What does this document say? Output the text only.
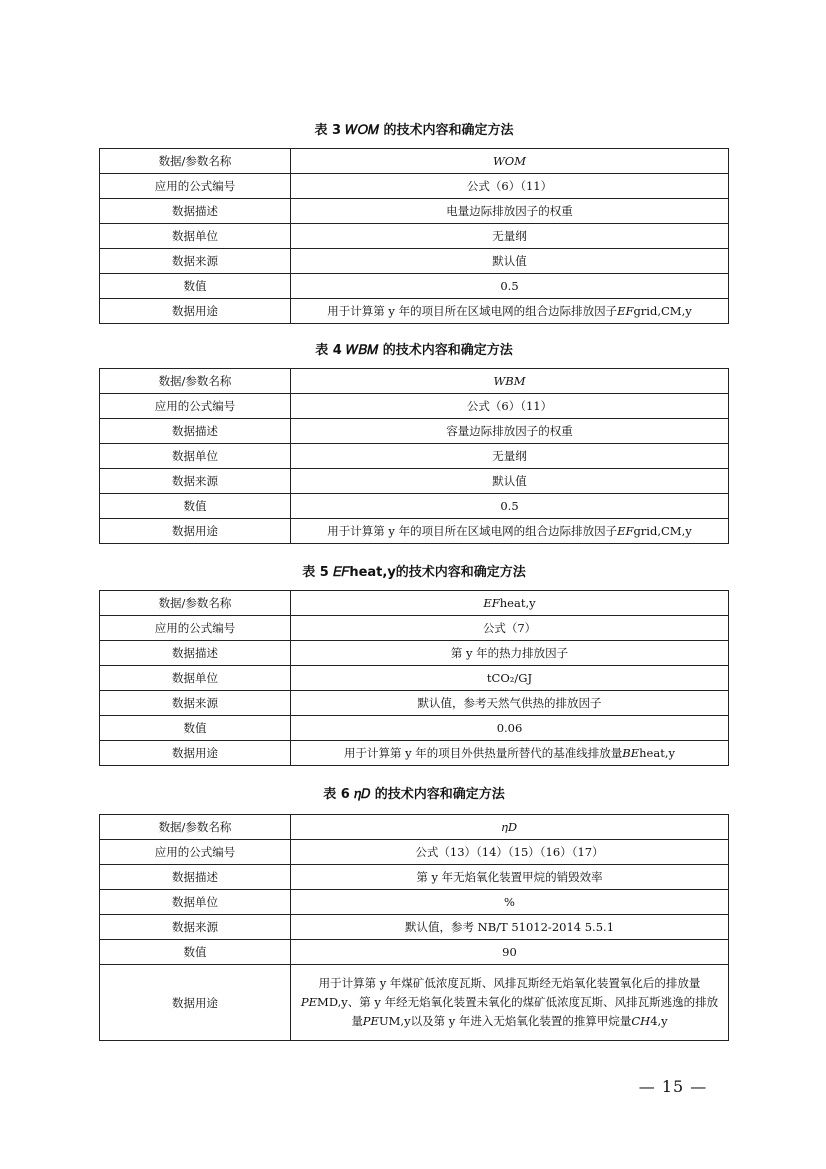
表 3 𝑊𝑂𝑀 的技术内容和确定方法
数据/参数名称	𝑊𝑂𝑀
应用的公式编号	公式（6）（11）
数据描述	电量边际排放因子的权重
数据单位	无量纲
数据来源	默认值
数值	0.5
数据用途	用于计算第 y 年的项目所在区域电网的组合边际排放因子𝐸𝐹grid,CM,y
表 4 𝑊𝐵𝑀 的技术内容和确定方法
数据/参数名称	𝑊𝐵𝑀
应用的公式编号	公式（6）（11）
数据描述	容量边际排放因子的权重
数据单位	无量纲
数据来源	默认值
数值	0.5
数据用途	用于计算第 y 年的项目所在区域电网的组合边际排放因子𝐸𝐹grid,CM,y
表 5 𝐸𝐹heat,y的技术内容和确定方法
数据/参数名称	𝐸𝐹heat,y
应用的公式编号	公式（7）
数据描述	第 y 年的热力排放因子
数据单位	tCO₂/GJ
数据来源	默认值，参考天然气供热的排放因子
数值	0.06
数据用途	用于计算第 y 年的项目外供热量所替代的基准线排放量𝐵𝐸heat,y
表 6 𝜂𝐷 的技术内容和确定方法
数据/参数名称	𝜂𝐷
应用的公式编号	公式（13）（14）（15）（16）（17）
数据描述	第 y 年无焰氧化装置甲烷的销毁效率
数据单位	%
数据来源	默认值，参考 NB/T 51012-2014 5.5.1
数值	90
数据用途	用于计算第 y 年煤矿低浓度瓦斯、风排瓦斯经无焰氧化装置氧化后的排放量𝑃𝐸MD,y、第 y 年经无焰氧化装置未氧化的煤矿低浓度瓦斯、风排瓦斯逃逸的排放量𝑃𝐸UM,y以及第 y 年进入无焰氧化装置的推算甲烷量𝐶𝐻4,y
— 15 —
